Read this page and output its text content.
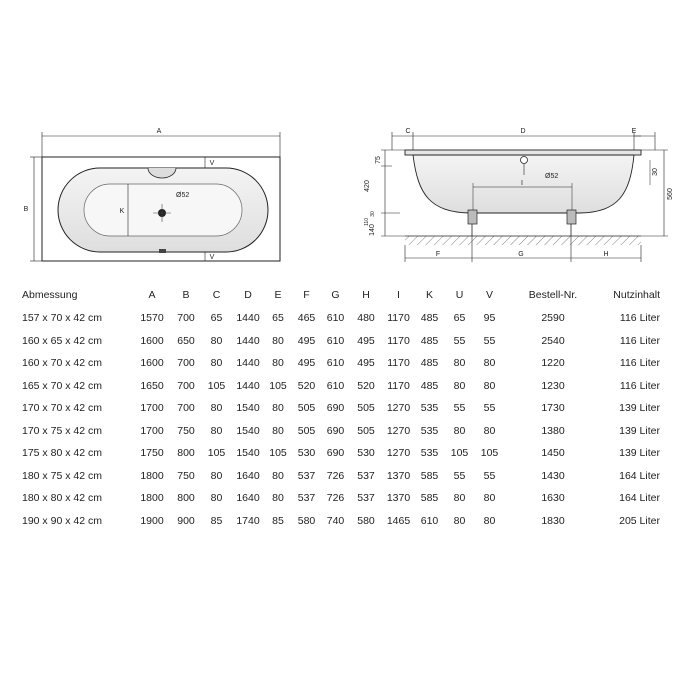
Ø52
A
B	K
V
V
Ø52
C	D	E
I
F	G	H
75
420
140
110
30
560
30
Abmessung	A	B	C	D	E	F	G	H	I	K	U	V	Bestell-Nr.	Nutzinhalt
157 x 70 x 42 cm	1570	700	65	1440	65	465	610	480	1170	485	65	95	2590	116 Liter
160 x 65 x 42 cm	1600	650	80	1440	80	495	610	495	1170	485	55	55	2540	116 Liter
160 x 70 x 42 cm	1600	700	80	1440	80	495	610	495	1170	485	80	80	1220	116 Liter
165 x 70 x 42 cm	1650	700	105	1440	105	520	610	520	1170	485	80	80	1230	116 Liter
170 x 70 x 42 cm	1700	700	80	1540	80	505	690	505	1270	535	55	55	1730	139 Liter
170 x 75 x 42 cm	1700	750	80	1540	80	505	690	505	1270	535	80	80	1380	139 Liter
175 x 80 x 42 cm	1750	800	105	1540	105	530	690	530	1270	535	105	105	1450	139 Liter
180 x 75 x 42 cm	1800	750	80	1640	80	537	726	537	1370	585	55	55	1430	164 Liter
180 x 80 x 42 cm	1800	800	80	1640	80	537	726	537	1370	585	80	80	1630	164 Liter
190 x 90 x 42 cm	1900	900	85	1740	85	580	740	580	1465	610	80	80	1830	205 Liter
